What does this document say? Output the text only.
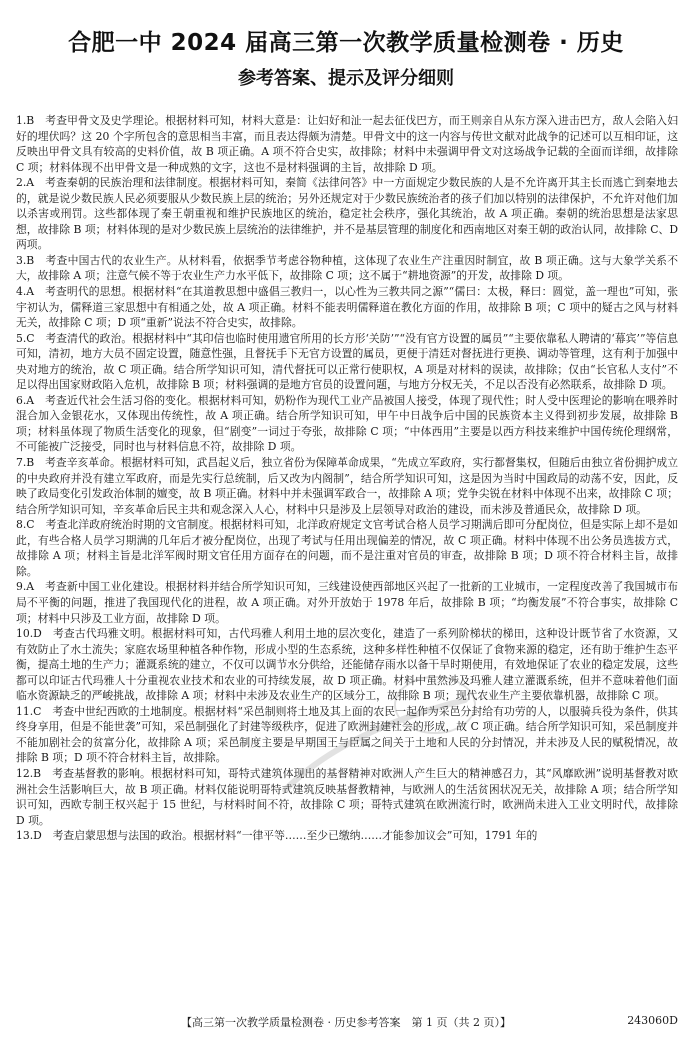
合肥一中 2024 届高三第一次教学质量检测卷 · 历史
参考答案、提示及评分细则

1.B　 考查甲骨文及史学理论。根据材料可知，材料大意是：让妇好和沚一起去征伐巴方，而王则亲自从东方深入进击巴方，敌人会陷入妇好的埋伏吗？这 20 个字所包含的意思相当丰富，而且表达得颇为清楚。甲骨文中的这一内容与传世文献对此战争的记述可以互相印证，这反映出甲骨文具有较高的史料价值，故 B 项正确。A 项不符合史实，故排除；材料中未强调甲骨文对这场战争记载的全面而详细，故排除 C 项；材料体现不出甲骨文是一种成熟的文字，这也不是材料强调的主旨，故排除 D 项。

2.A　 考查秦朝的民族治理和法律制度。根据材料可知，秦简《法律问答》中一方面规定少数民族的人是不允许离开其主长而逃亡到秦地去的，就是说少数民族人民必须要服从少数民族上层的统治；另外还规定对于少数民族统治者的孩子们加以特别的法律保护，不允许对他们加以杀害或刑罚。这些都体现了秦王朝重视和维护民族地区的统治，稳定社会秩序，强化其统治，故 A 项正确。秦朝的统治思想是法家思想，故排除 B 项；材料体现的是对少数民族上层统治的法律维护，并不是基层管理的制度化和西南地区对秦王朝的政治认同，故排除 C、D 两项。

3.B　 考查中国古代的农业生产。从材料看，依据季节考虑谷物种植，这体现了农业生产注重因时制宜，故 B 项正确。这与大象学关系不大，故排除 A 项；注意气候不等于农业生产力水平低下，故排除 C 项；这不属于“耕地资源”的开发，故排除 D 项。

4.A　 考查明代的思想。根据材料“在其道教思想中盛倡三教归一，以心性为三教共同之源”“儒曰：太极，释曰：圆觉，盖一理也”可知，张宇初认为，儒释道三家思想中有相通之处，故 A 项正确。材料不能表明儒释道在教化方面的作用，故排除 B 项；C 项中的疑古之风与材料无关，故排除 C 项；D 项“重新”说法不符合史实，故排除。

5.C　 考查清代的政治。根据材料中“其印信也临时使用遗官所用的长方形‘关防’”“没有官方设置的属员”“主要依靠私人聘请的‘幕宾’”等信息可知，清初，地方大员不固定设置，随意性强，且督抚手下无官方设置的属员，更便于清廷对督抚进行更换、调动等管理，这有利于加强中央对地方的统治，故 C 项正确。结合所学知识可知，清代督抚可以正常行使职权，A 项是对材料的误读，故排除；仅由“长官私人支付”不足以得出国家财政陷入危机，故排除 B 项；材料强调的是地方官员的设置问题，与地方分权无关，不足以否没有必然联系，故排除 D 项。

6.A　 考查近代社会生活习俗的变化。根据材料可知，奶粉作为现代工业产品被国人接受，体现了现代性；时人受中医理论的影响在喂养时混合加入金银花水，又体现出传统性，故 A 项正确。结合所学知识可知，甲午中日战争后中国的民族资本主义得到初步发展，故排除 B 项；材料虽体现了物质生活变化的现象，但“剧变”一词过于夸张，故排除 C 项；“中体西用”主要是以西方科技来维护中国传统伦理纲常，不可能被广泛接受，同时也与材料信息不符，故排除 D 项。

7.B　 考查辛亥革命。根据材料可知，武昌起义后，独立省份为保障革命成果，“先成立军政府，实行都督集权，但随后由独立省份拥护成立的中央政府并没有建立军政府，而是先实行总统制，后又改为内阁制”，结合所学知识可知，这是因为当时中国政局的动荡不安，因此，反映了政局变化引发政治体制的嬗变，故 B 项正确。材料中并未强调军政合一，故排除 A 项；党争尖锐在材料中体现不出来，故排除 C 项；结合所学知识可知，辛亥革命后民主共和观念深入人心，材料中只是涉及上层领导对政治的建设，而未涉及普通民众，故排除 D 项。

8.C　 考查北洋政府统治时期的文官制度。根据材料可知，北洋政府规定文官考试合格人员学习期满后即可分配岗位，但是实际上却不是如此，有些合格人员学习期满的几年后才被分配岗位，出现了考试与任用出现偏差的情况，故 C 项正确。材料中体现不出公务员选拔方式，故排除 A 项；材料主旨是北洋军阀时期文官任用方面存在的问题，而不是注重对官员的审查，故排除 B 项；D 项不符合材料主旨，故排除。

9.A　 考查新中国工业化建设。根据材料并结合所学知识可知，三线建设使西部地区兴起了一批新的工业城市，一定程度改善了我国城市布局不平衡的问题，推进了我国现代化的进程，故 A 项正确。对外开放始于 1978 年后，故排除 B 项；“均衡发展”不符合事实，故排除 C 项；材料中只涉及工业方面，故排除 D 项。

10.D　 考查古代玛雅文明。根据材料可知，古代玛雅人利用土地的层次变化，建造了一系列阶梯状的梯田，这种设计既节省了水资源，又有效防止了水土流失；家庭农场里种植各种作物，形成小型的生态系统，这种多样性种植不仅保证了食物来源的稳定，还有助于维护生态平衡，提高土地的生产力；灌溉系统的建立，不仅可以调节水分供给，还能储存雨水以备干旱时期使用，有效地保证了农业的稳定发展，这些都可以印证古代玛雅人十分重视农业技术和农业的可持续发展，故 D 项正确。材料中虽然涉及玛雅人建立灌溉系统，但并不意味着他们面临水资源缺乏的严峻挑战，故排除 A 项；材料中未涉及农业生产的区域分工，故排除 B 项；现代农业生产主要依靠机器，故排除 C 项。

11.C　 考查中世纪西欧的土地制度。根据材料“采邑制则将土地及其上面的农民一起作为采邑分封给有功劳的人，以服骑兵役为条件，供其终身享用，但是不能世袭”可知，采邑制强化了封建等级秩序，促进了欧洲封建社会的形成，故 C 项正确。结合所学知识可知，采邑制度并不能加剧社会的贫富分化，故排除 A 项；采邑制度主要是早期国王与臣属之间关于土地和人民的分封情况，并未涉及人民的赋税情况，故排除 B 项；D 项不符合材料主旨，故排除。

12.B　 考查基督教的影响。根据材料可知，哥特式建筑体现出的基督精神对欧洲人产生巨大的精神感召力，其“风靡欧洲”说明基督教对欧洲社会生活影响巨大，故 B 项正确。材料仅能说明哥特式建筑反映基督教精神，与欧洲人的生活贫困状况无关，故排除 A 项；结合所学知识可知，西欧专制王权兴起于 15 世纪，与材料时间不符，故排除 C 项；哥特式建筑在欧洲流行时，欧洲尚未进入工业文明时代，故排除 D 项。

13.D　 考查启蒙思想与法国的政治。根据材料“一律平等……至少已缴纳……才能参加议会”可知，1791 年的

【高三第一次教学质量检测卷 · 历史参考答案　第 1 页（共 2 页）】	243060D
